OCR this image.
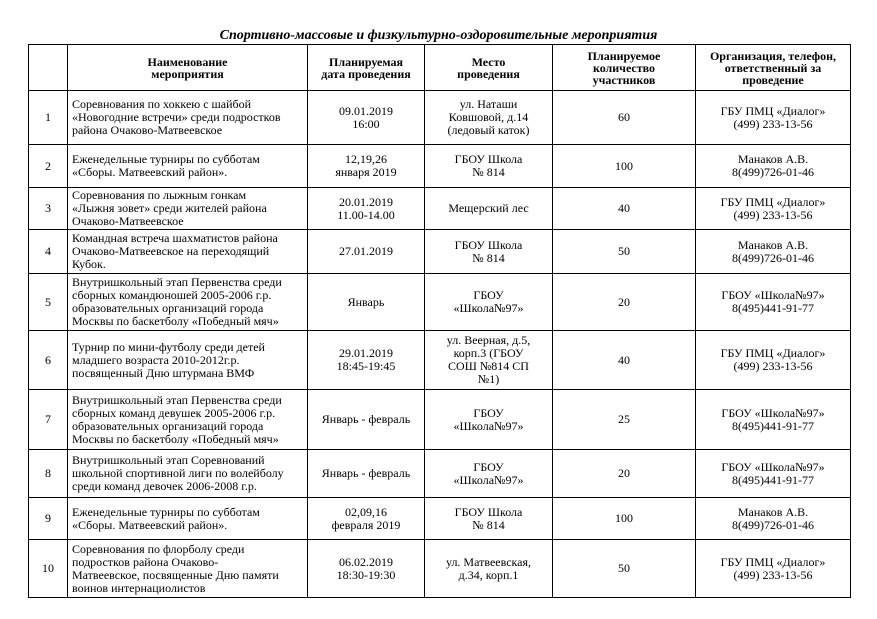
Спортивно-массовые и физкультурно-оздоровительные мероприятия
	Наименование
мероприятия	Планируемая
дата проведения	Место
проведения	Планируемое
количество
участников	Организация, телефон,
ответственный за
проведение
1	Соревнования по хоккею с шайбой
«Новогодние встречи» среди подростков
района Очаково-Матвеевское	09.01.2019
16:00	ул. Наташи
Ковшовой, д.14
(ледовый каток)	60	ГБУ ПМЦ «Диалог»
(499) 233-13-56
2	Еженедельные турниры по субботам
«Сборы. Матвеевский район».	12,19,26
января 2019	ГБОУ Школа
№ 814	100	Манаков А.В.
8(499)726-01-46
3	Соревнования по лыжным гонкам
«Лыжня зовет» среди жителей района
Очаково-Матвеевское	20.01.2019
11.00-14.00	Мещерский лес	40	ГБУ ПМЦ «Диалог»
(499) 233-13-56
4	Командная встреча шахматистов района
Очаково-Матвеевское на переходящий
Кубок.	27.01.2019	ГБОУ Школа
№ 814	50	Манаков А.В.
8(499)726-01-46
5	Внутришкольный этап Первенства среди
сборных командюношей 2005-2006 г.р.
образовательных организаций города
Москвы по баскетболу «Победный мяч»	Январь	ГБОУ
«Школа№97»	20	ГБОУ «Школа№97»
8(495)441-91-77
6	Турнир по мини-футболу среди детей
младшего возраста 2010-2012г.р.
посвященный Дню штурмана ВМФ	29.01.2019
18:45-19:45	ул. Веерная, д.5,
корп.3 (ГБОУ
СОШ №814 СП
№1)	40	ГБУ ПМЦ «Диалог»
(499) 233-13-56
7	Внутришкольный этап Первенства среди
сборных команд девушек 2005-2006 г.р.
образовательных организаций города
Москвы по баскетболу «Победный мяч»	Январь - февраль	ГБОУ
«Школа№97»	25	ГБОУ «Школа№97»
8(495)441-91-77
8	Внутришкольный этап Соревнований
школьной спортивной лиги по волейболу
среди команд девочек 2006-2008 г.р.	Январь - февраль	ГБОУ
«Школа№97»	20	ГБОУ «Школа№97»
8(495)441-91-77
9	Еженедельные турниры по субботам
«Сборы. Матвеевский район».	02,09,16
февраля 2019	ГБОУ Школа
№ 814	100	Манаков А.В.
8(499)726-01-46
10	Соревнования по флорболу среди
подростков района Очаково-
Матвеевское, посвященные Дню памяти
воинов интернациолистов	06.02.2019
18:30-19:30	ул. Матвеевская,
д.34, корп.1	50	ГБУ ПМЦ «Диалог»
(499) 233-13-56
